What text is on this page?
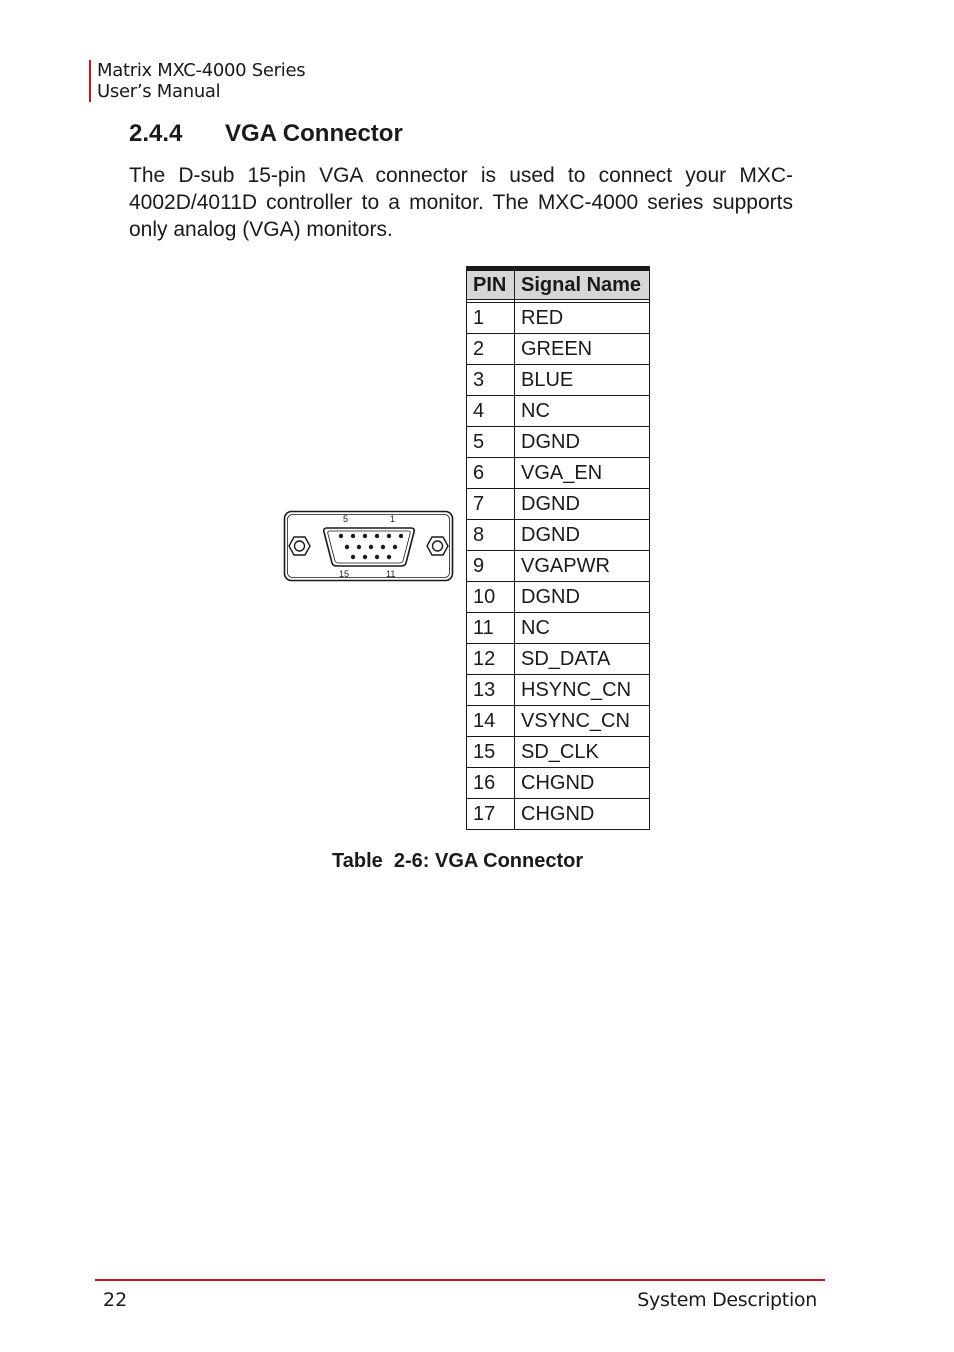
Matrix MXC-4000 Series
User’s Manual
2.4.4 VGA Connector

The D-sub 15-pin VGA connector is used to connect your MXC-4002D/4011D controller to a monitor. The MXC-4000 series supports only analog (VGA) monitors.

5	1
15	11
PIN	Signal Name

1	RED
2	GREEN
3	BLUE
4	NC
5	DGND
6	VGA_EN
7	DGND
8	DGND
9	VGAPWR
10	DGND
11	NC
12	SD_DATA
13	HSYNC_CN
14	VSYNC_CN
15	SD_CLK
16	CHGND
17	CHGND
Table  2-6: VGA Connector
22	System Description
